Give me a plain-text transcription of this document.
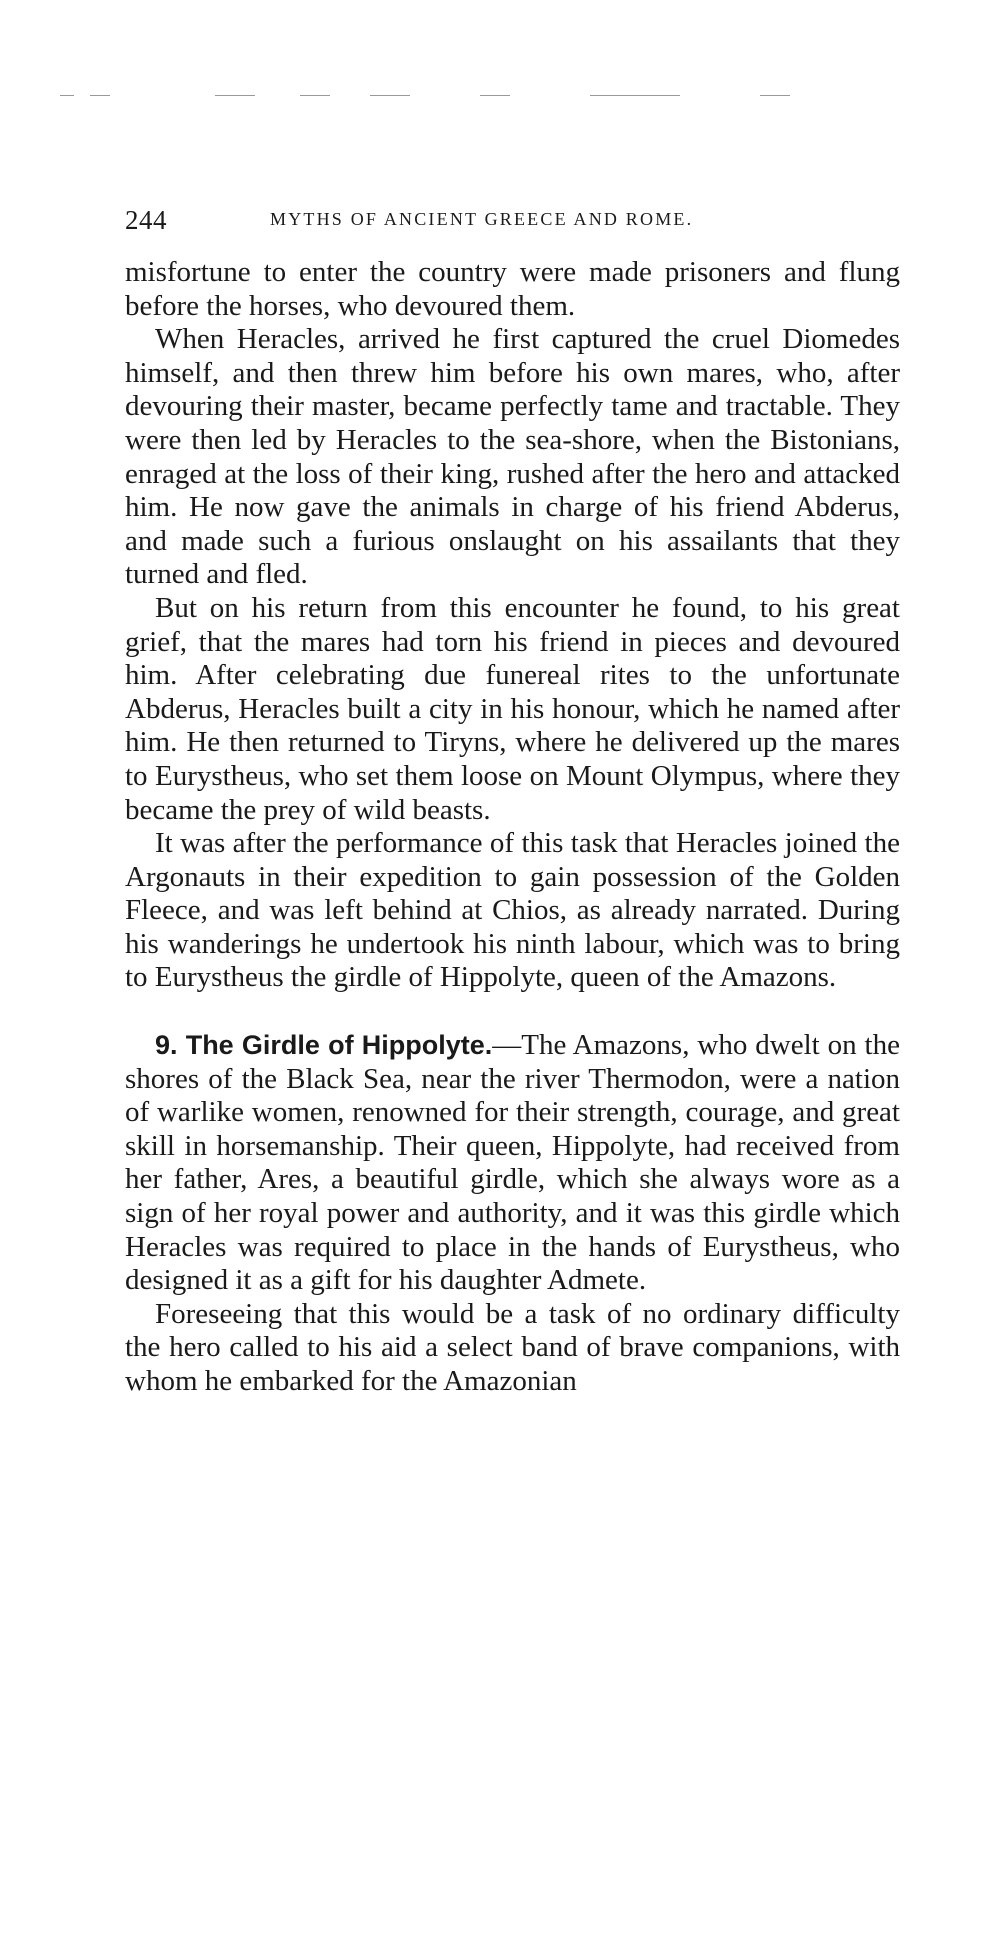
244	MYTHS OF ANCIENT GREECE AND ROME.

misfortune to enter the country were made prisoners and flung before the horses, who devoured them.

When Heracles, arrived he first captured the cruel Diomedes himself, and then threw him before his own mares, who, after devouring their master, became perfectly tame and tractable. They were then led by Heracles to the sea-shore, when the Bistonians, enraged at the loss of their king, rushed after the hero and attacked him. He now gave the animals in charge of his friend Abderus, and made such a furious onslaught on his assailants that they turned and fled.

But on his return from this encounter he found, to his great grief, that the mares had torn his friend in pieces and devoured him. After celebrating due funereal rites to the unfortunate Abderus, Heracles built a city in his honour, which he named after him. He then returned to Tiryns, where he delivered up the mares to Eurystheus, who set them loose on Mount Olympus, where they became the prey of wild beasts.

It was after the performance of this task that Heracles joined the Argonauts in their expedition to gain possession of the Golden Fleece, and was left behind at Chios, as already narrated. During his wanderings he undertook his ninth labour, which was to bring to Eurystheus the girdle of Hippolyte, queen of the Amazons.

9. The Girdle of Hippolyte.—The Amazons, who dwelt on the shores of the Black Sea, near the river Thermodon, were a nation of warlike women, renowned for their strength, courage, and great skill in horsemanship. Their queen, Hippolyte, had received from her father, Ares, a beautiful girdle, which she always wore as a sign of her royal power and authority, and it was this girdle which Heracles was required to place in the hands of Eurystheus, who designed it as a gift for his daughter Admete.

Foreseeing that this would be a task of no ordinary difficulty the hero called to his aid a select band of brave companions, with whom he embarked for the Amazonian
